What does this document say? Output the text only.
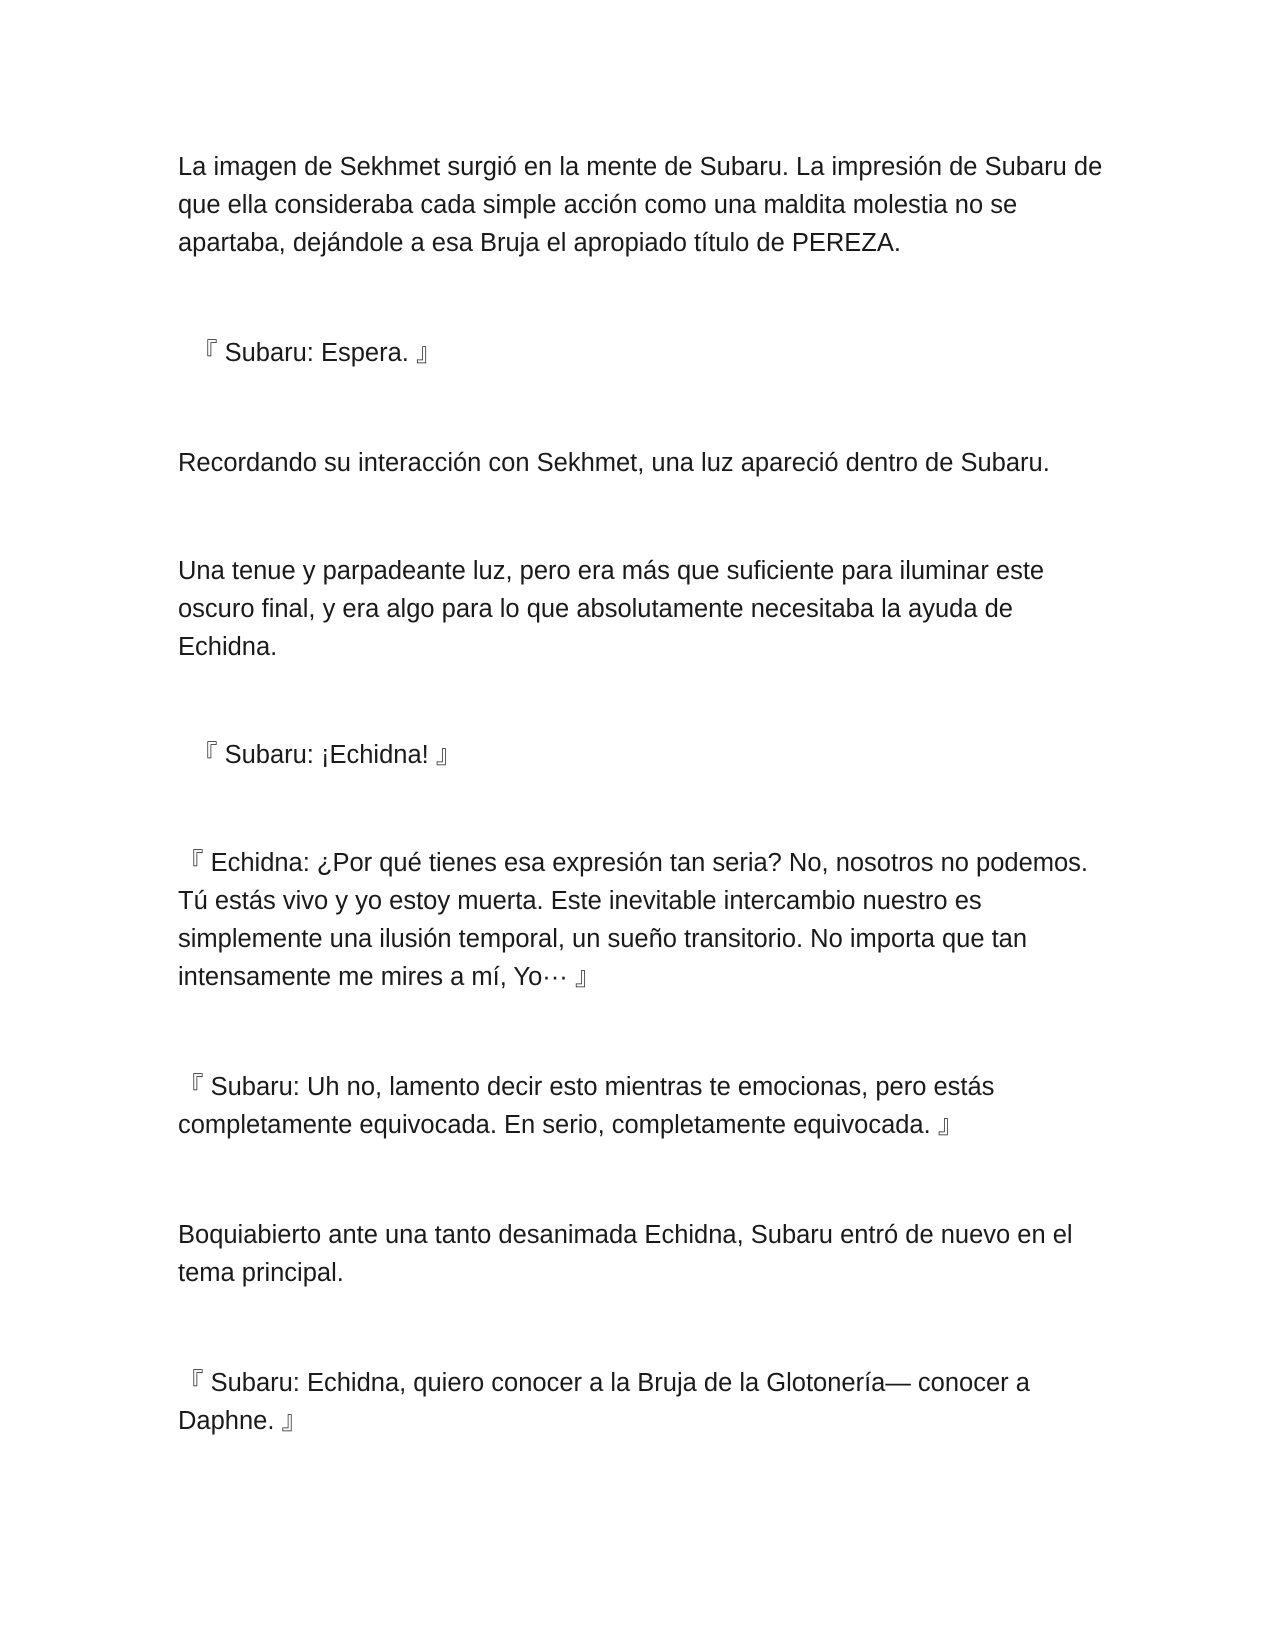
La imagen de Sekhmet surgió en la mente de Subaru. La impresión de Subaru de que ella consideraba cada simple acción como una maldita molestia no se apartaba, dejándole a esa Bruja el apropiado título de PEREZA.

『 Subaru: Espera. 』

Recordando su interacción con Sekhmet, una luz apareció dentro de Subaru.

Una tenue y parpadeante luz, pero era más que suficiente para iluminar este oscuro final, y era algo para lo que absolutamente necesitaba la ayuda de Echidna.

『 Subaru: ¡Echidna! 』

『 Echidna: ¿Por qué tienes esa expresión tan seria? No, nosotros no podemos. Tú estás vivo y yo estoy muerta. Este inevitable intercambio nuestro es simplemente una ilusión temporal, un sueño transitorio. No importa que tan intensamente me mires a mí, Yo··· 』

『 Subaru: Uh no, lamento decir esto mientras te emocionas, pero estás completamente equivocada. En serio, completamente equivocada. 』

Boquiabierto ante una tanto desanimada Echidna, Subaru entró de nuevo en el tema principal.

『 Subaru: Echidna, quiero conocer a la Bruja de la Glotonería— conocer a Daphne. 』
